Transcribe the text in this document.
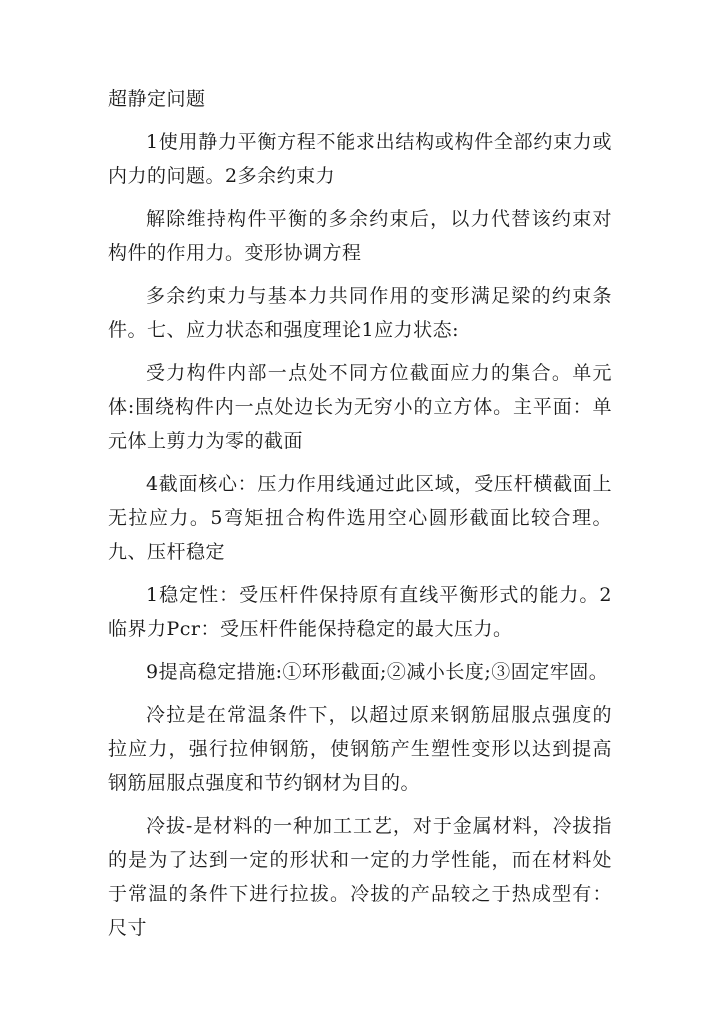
超静定问题

1使用静力平衡方程不能求出结构或构件全部约束力或内力的问题。2多余约束力

解除维持构件平衡的多余约束后，以力代替该约束对构件的作用力。变形协调方程

多余约束力与基本力共同作用的变形满足梁的约束条件。七、应力状态和强度理论1应力状态:

受力构件内部一点处不同方位截面应力的集合。单元体:围绕构件内一点处边长为无穷小的立方体。主平面：单元体上剪力为零的截面

4截面核心：压力作用线通过此区域，受压杆横截面上无拉应力。5弯矩扭合构件选用空心圆形截面比较合理。九、压杆稳定

1稳定性：受压杆件保持原有直线平衡形式的能力。2临界力Pcr：受压杆件能保持稳定的最大压力。

9提高稳定措施:①环形截面;②减小长度;③固定牢固。

冷拉是在常温条件下，以超过原来钢筋屈服点强度的拉应力，强行拉伸钢筋，使钢筋产生塑性变形以达到提高钢筋屈服点强度和节约钢材为目的。

冷拔-是材料的一种加工工艺，对于金属材料，冷拔指的是为了达到一定的形状和一定的力学性能，而在材料处于常温的条件下进行拉拔。冷拔的产品较之于热成型有：尺寸
